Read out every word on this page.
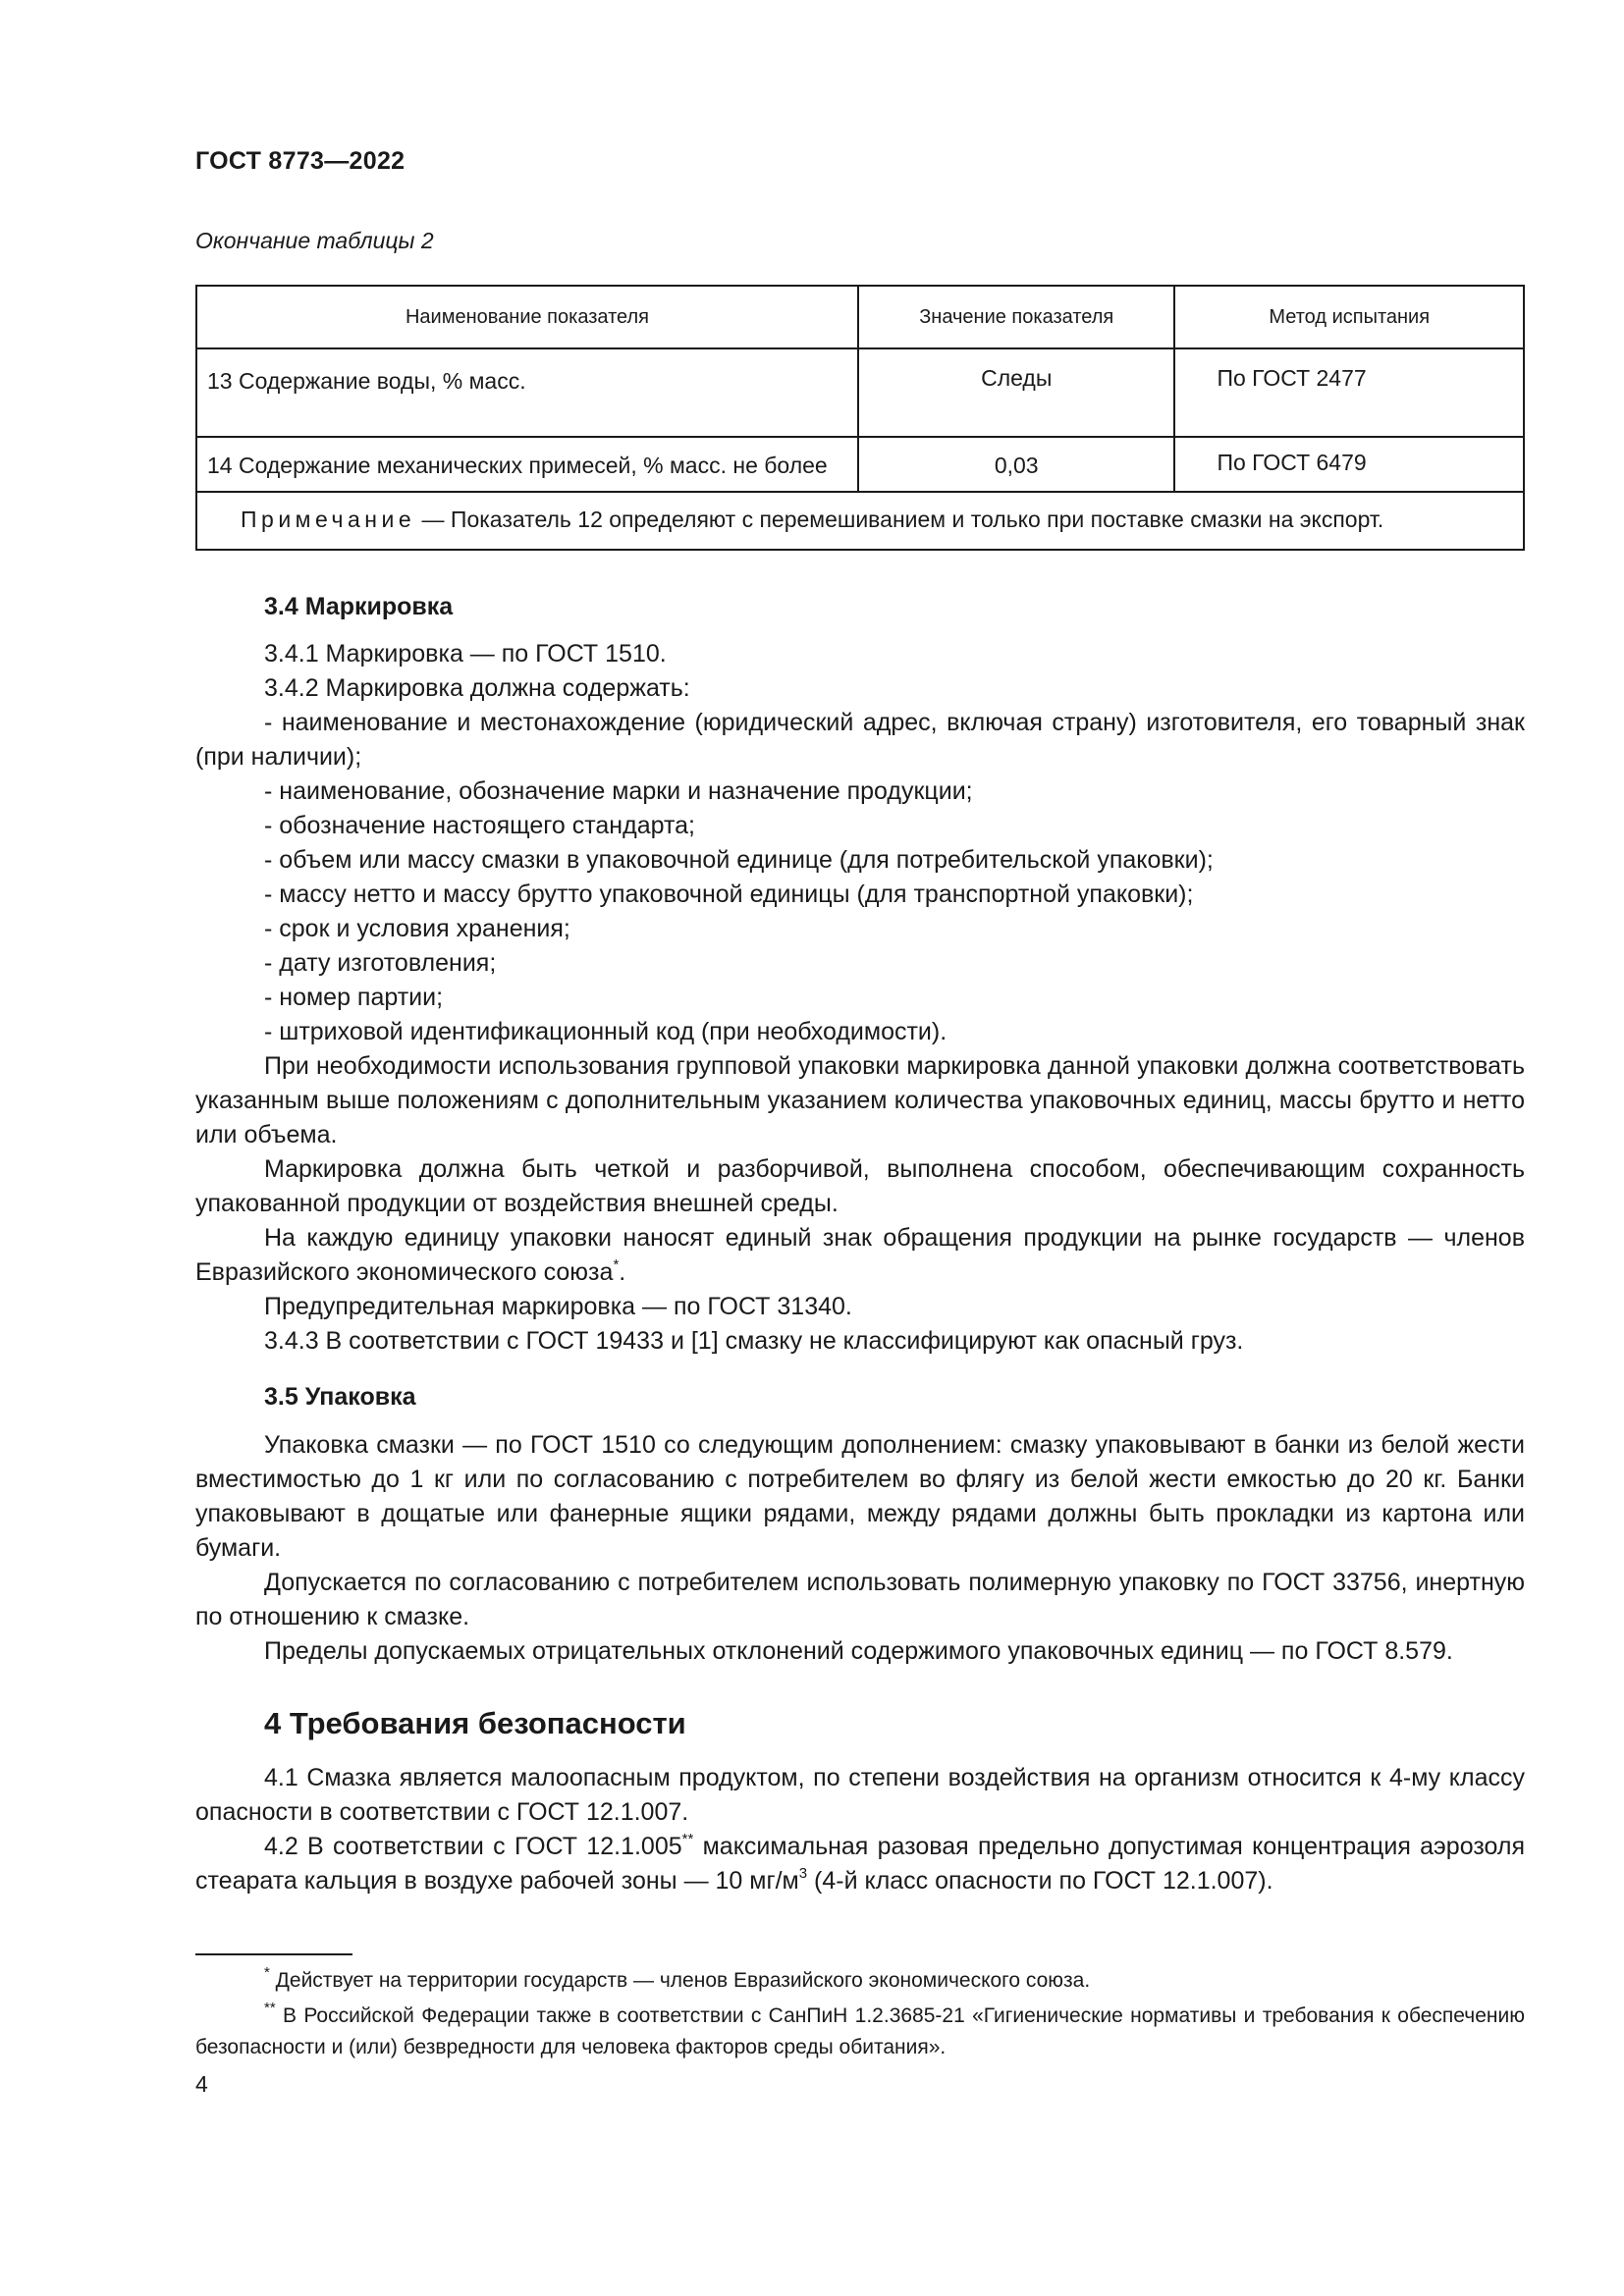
ГОСТ 8773—2022
Окончание таблицы 2
Наименование показателя	Значение показателя	Метод испытания
13 Содержание воды, % масс.	Следы	По ГОСТ 2477
14 Содержание механических примесей, % масс. не более	0,03	По ГОСТ 6479
Примечание — Показатель 12 определяют с перемешиванием и только при поставке смазки на экспорт.		

3.4 Маркировка

3.4.1 Маркировка — по ГОСТ 1510.

3.4.2 Маркировка должна содержать:

- наименование и местонахождение (юридический адрес, включая страну) изготовителя, его товарный знак (при наличии);

- наименование, обозначение марки и назначение продукции;

- обозначение настоящего стандарта;

- объем или массу смазки в упаковочной единице (для потребительской упаковки);

- массу нетто и массу брутто упаковочной единицы (для транспортной упаковки);

- срок и условия хранения;

- дату изготовления;

- номер партии;

- штриховой идентификационный код (при необходимости).

При необходимости использования групповой упаковки маркировка данной упаковки должна соответствовать указанным выше положениям с дополнительным указанием количества упаковочных единиц, массы брутто и нетто или объема.

Маркировка должна быть четкой и разборчивой, выполнена способом, обеспечивающим сохранность упакованной продукции от воздействия внешней среды.

На каждую единицу упаковки наносят единый знак обращения продукции на рынке государств — членов Евразийского экономического союза*.

Предупредительная маркировка — по ГОСТ 31340.

3.4.3 В соответствии с ГОСТ 19433 и [1] смазку не классифицируют как опасный груз.

3.5 Упаковка

Упаковка смазки — по ГОСТ 1510 со следующим дополнением: смазку упаковывают в банки из белой жести вместимостью до 1 кг или по согласованию с потребителем во флягу из белой жести емкостью до 20 кг. Банки упаковывают в дощатые или фанерные ящики рядами, между рядами должны быть прокладки из картона или бумаги.

Допускается по согласованию с потребителем использовать полимерную упаковку по ГОСТ 33756, инертную по отношению к смазке.

Пределы допускаемых отрицательных отклонений содержимого упаковочных единиц — по ГОСТ 8.579.

4 Требования безопасности

4.1 Смазка является малоопасным продуктом, по степени воздействия на организм относится к 4-му классу опасности в соответствии с ГОСТ 12.1.007.

4.2 В соответствии с ГОСТ 12.1.005** максимальная разовая предельно допустимая концентрация аэрозоля стеарата кальция в воздухе рабочей зоны — 10 $мг/м^3$ (4-й класс опасности по ГОСТ 12.1.007).

* Действует на территории государств — членов Евразийского экономического союза.

** В Российской Федерации также в соответствии с СанПиН 1.2.3685-21 «Гигиенические нормативы и требования к обеспечению безопасности и (или) безвредности для человека факторов среды обитания».

4
